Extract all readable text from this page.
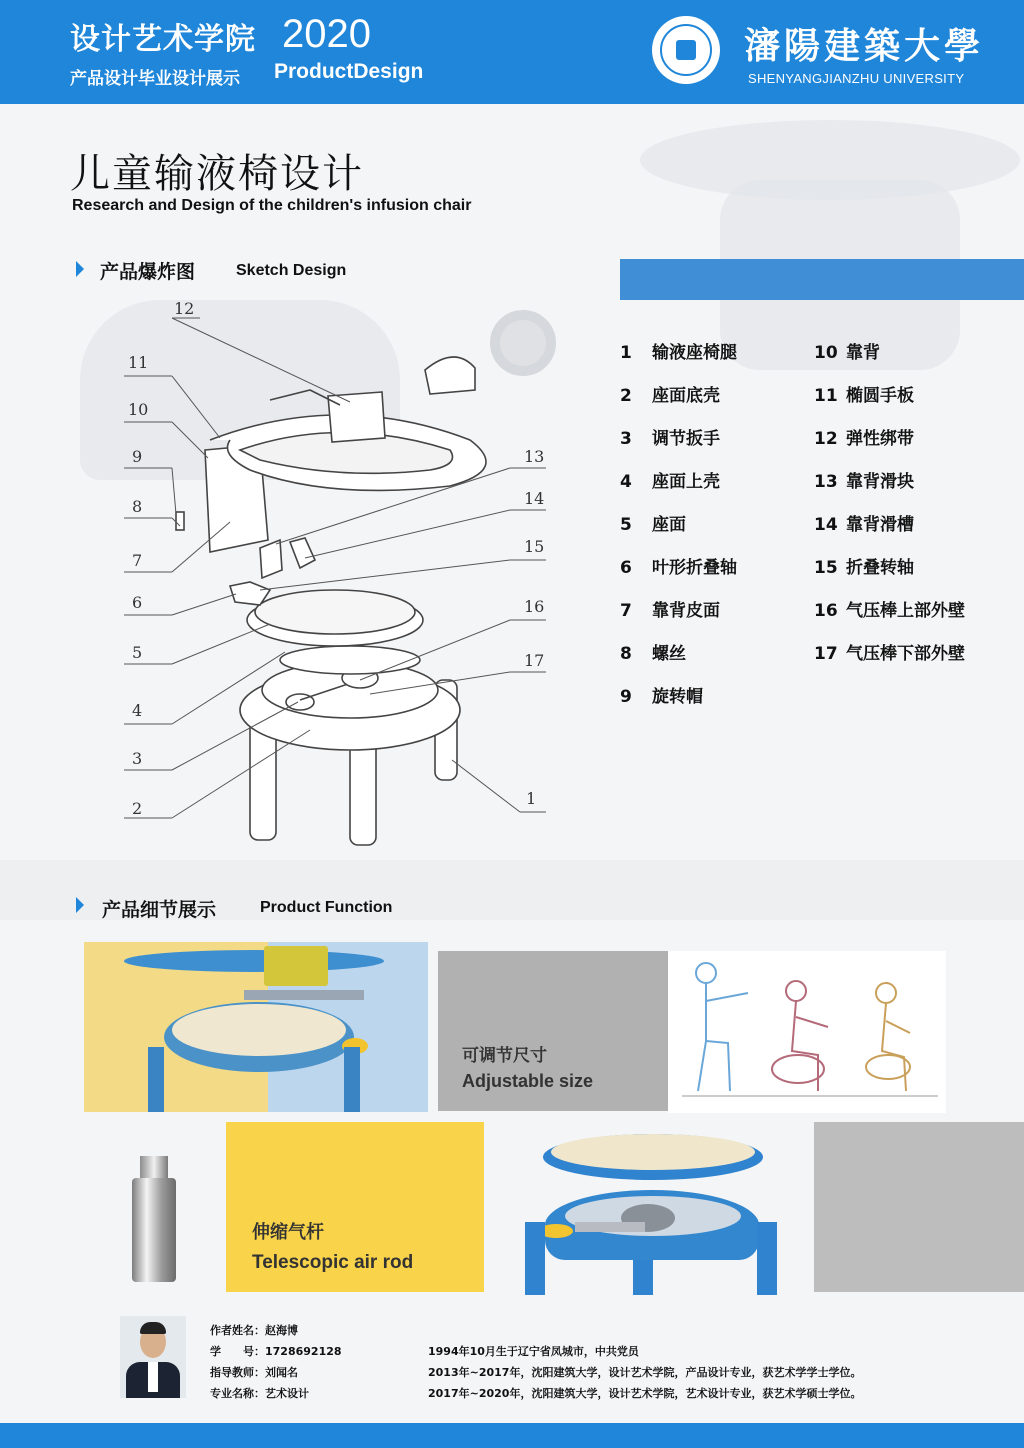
设计艺术学院 2020
产品设计毕业设计展示 ProductDesign
瀋陽建築大學
SHENYANGJIANZHU UNIVERSITY
儿童输液椅设计
Research and Design of the children's infusion chair
产品爆炸图	Sketch Design
12
11
10
9
8
7
6
5
4
3
2
1
13
14
15
16
17
1 输液座椅腿
2 座面底壳
3 调节扳手
4 座面上壳
5 座面
6 叶形折叠轴
7 靠背皮面
8 螺丝
9 旋转帽
10 靠背
11 椭圆手板
12 弹性绑带
13 靠背滑块
14 靠背滑槽
15 折叠转轴
16 气压棒上部外壁
17 气压棒下部外壁
产品细节展示	Product Function
可调节尺寸
Adjustable size
伸缩气杆
Telescopic air rod
作者姓名：赵海博
学　　号：1728692128
指导教师：刘闻名
专业名称：艺术设计
1994年10月生于辽宁省凤城市，中共党员
2013年~2017年，沈阳建筑大学，设计艺术学院，产品设计专业，获艺术学学士学位。
2017年~2020年，沈阳建筑大学，设计艺术学院，艺术设计专业，获艺术学硕士学位。
